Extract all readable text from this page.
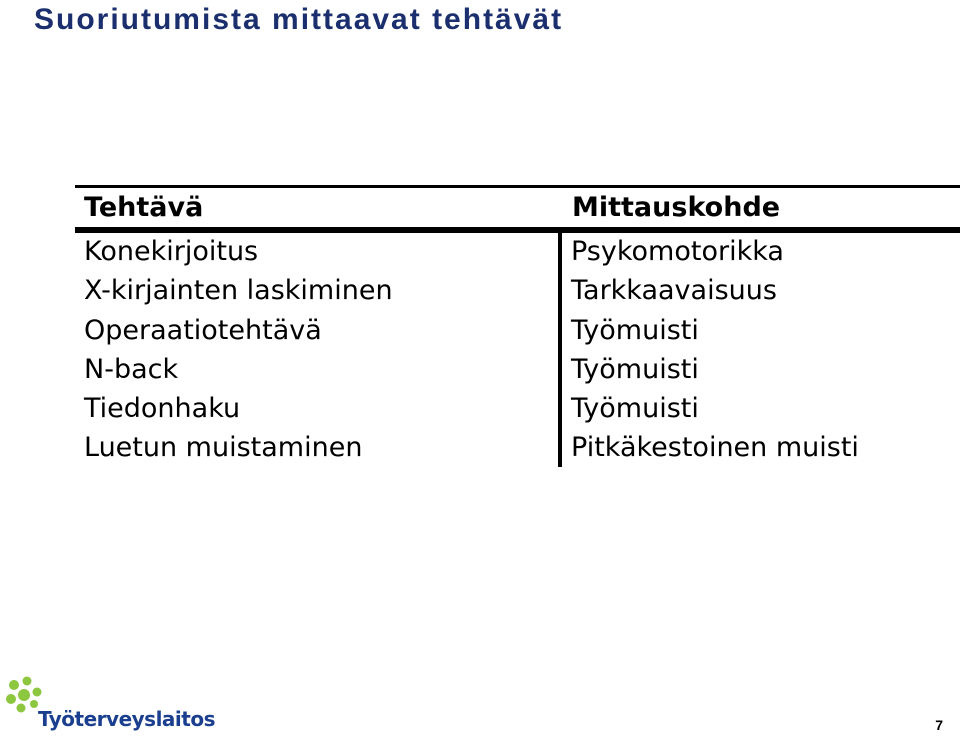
Suoriutumista mittaavat tehtävät
Tehtävä	Mittauskohde
Konekirjoitus
X-kirjainten laskiminen
Operaatiotehtävä
N-back
Tiedonhaku
Luetun muistaminen
Psykomotorikka
Tarkkaavaisuus
Työmuisti
Työmuisti
Työmuisti
Pitkäkestoinen muisti
Työterveyslaitos	7
